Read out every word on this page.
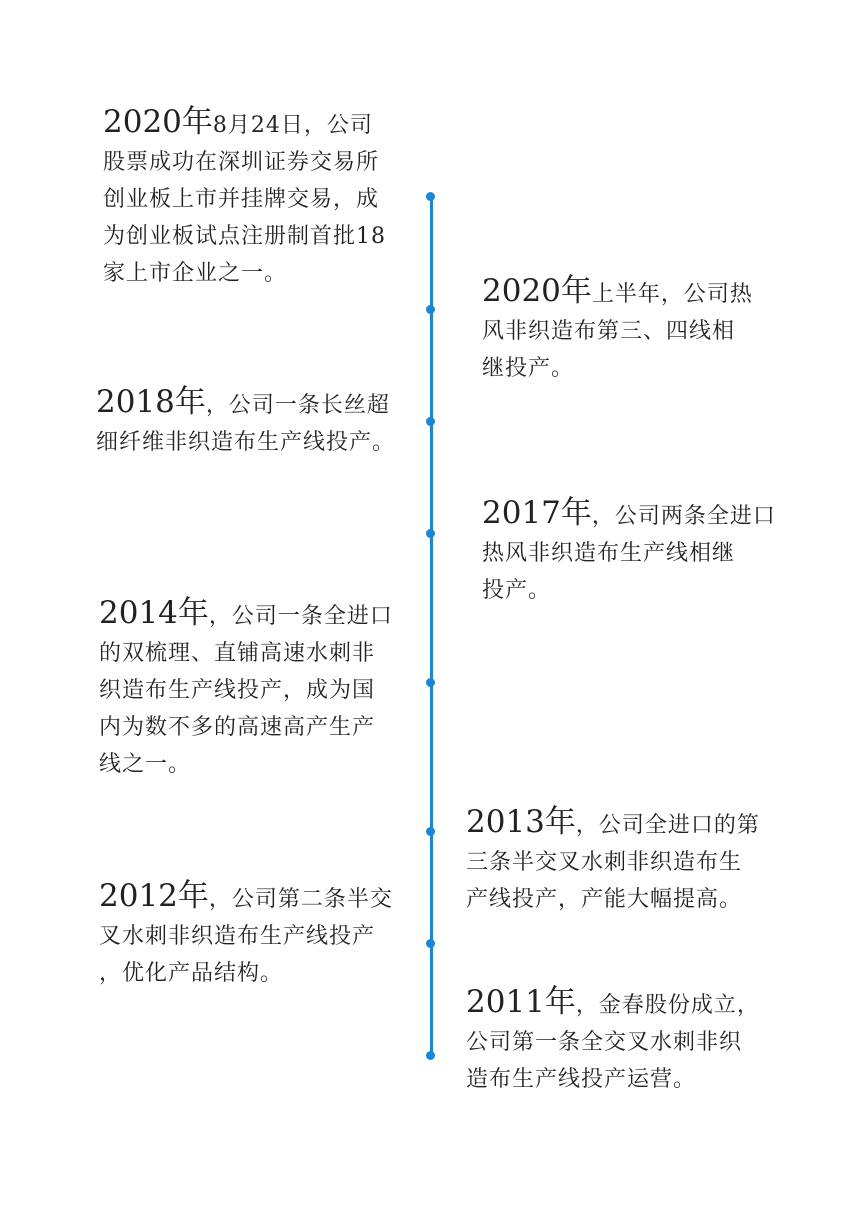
2020年8月24日，公司
股票成功在深圳证券交易所
创业板上市并挂牌交易，成
为创业板试点注册制首批18
家上市企业之一。	2020年上半年，公司热
风非织造布第三、四线相
继投产。
2018年，公司一条长丝超
细纤维非织造布生产线投产。
2017年，公司两条全进口
热风非织造布生产线相继
投产。
2014年，公司一条全进口
的双梳理、直铺高速水刺非
织造布生产线投产，成为国
内为数不多的高速高产生产
线之一。
2013年，公司全进口的第
三条半交叉水刺非织造布生
产线投产，产能大幅提高。
2012年，公司第二条半交
叉水刺非织造布生产线投产
，优化产品结构。
2011年，金春股份成立，
公司第一条全交叉水刺非织
造布生产线投产运营。
